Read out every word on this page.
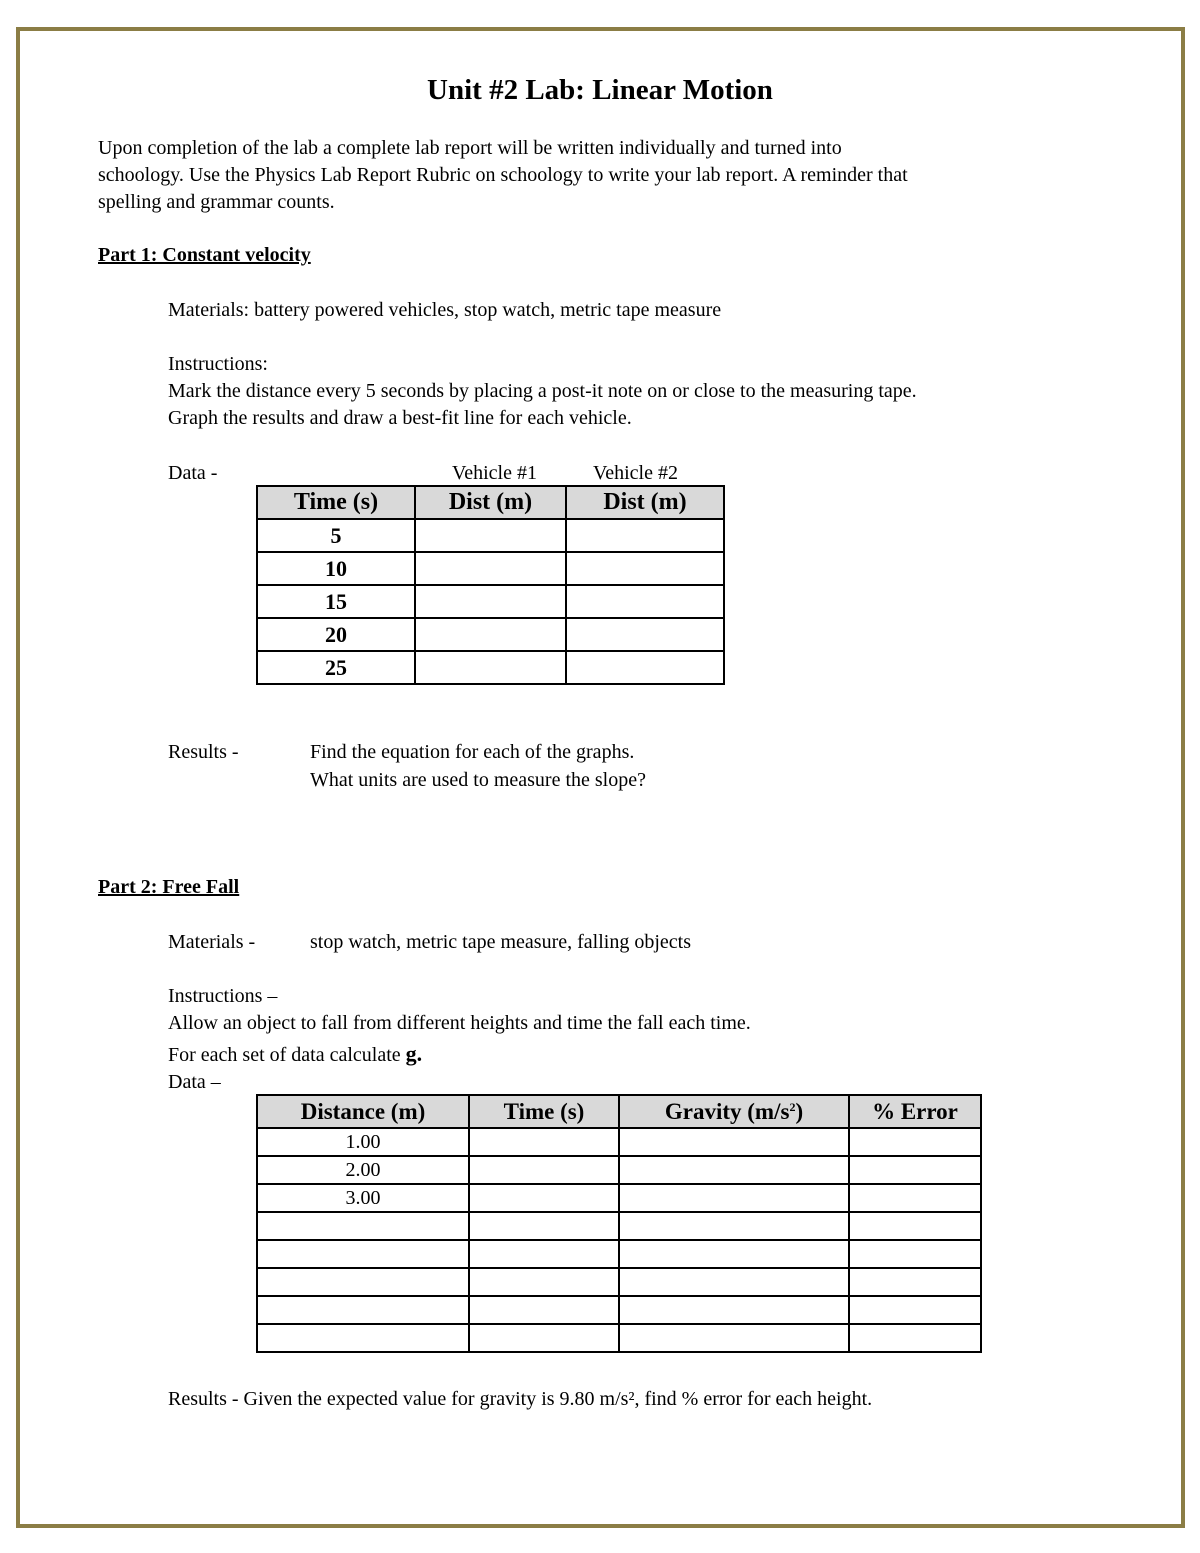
Unit #2 Lab: Linear Motion
Upon completion of the lab a complete lab report will be written individually and turned into
schoology. Use the Physics Lab Report Rubric on schoology to write your lab report. A reminder that
spelling and grammar counts.
Part 1: Constant velocity
Materials: battery powered vehicles, stop watch, metric tape measure
Instructions:
Mark the distance every 5 seconds by placing a post-it note on or close to the measuring tape.
Graph the results and draw a best-fit line for each vehicle.
Data -	Vehicle #1	Vehicle #2
Time (s)	Dist (m)	Dist (m)
5		
10		
15		
20		
25		
Results -	Find the equation for each of the graphs.
What units are used to measure the slope?
Part 2: Free Fall
Materials -	stop watch, metric tape measure, falling objects
Instructions –
Allow an object to fall from different heights and time the fall each time.
For each set of data calculate g.
Data –
Distance (m)	Time (s)	Gravity $(m/s^2)$	% Error
1.00			
2.00			
3.00			

Results - Given the expected value for gravity is 9.80 m/s², find % error for each height.
